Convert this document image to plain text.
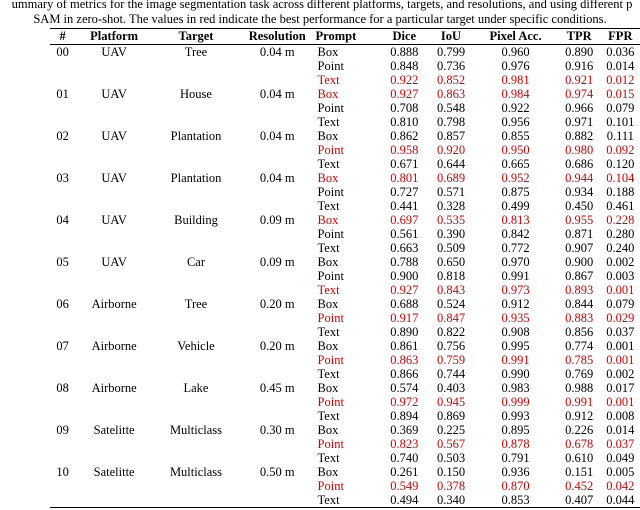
ummary of metrics for the image segmentation task across different platforms, targets, and resolutions, and using different p
SAM in zero-shot. The values in red indicate the best performance for a particular target under specific conditions.
#	Platform	Target	Resolution	Prompt	Dice	IoU	Pixel Acc.	TPR	FPR
00	UAV	Tree	0.04 m	Box	0.888	0.799	0.960	0.890	0.036
				Point	0.848	0.736	0.976	0.916	0.014
				Text	0.922	0.852	0.981	0.921	0.012
01	UAV	House	0.04 m	Box	0.927	0.863	0.984	0.974	0.015
				Point	0.708	0.548	0.922	0.966	0.079
				Text	0.810	0.798	0.956	0.971	0.101
02	UAV	Plantation	0.04 m	Box	0.862	0.857	0.855	0.882	0.111
				Point	0.958	0.920	0.950	0.980	0.092
				Text	0.671	0.644	0.665	0.686	0.120
03	UAV	Plantation	0.04 m	Box	0.801	0.689	0.952	0.944	0.104
				Point	0.727	0.571	0.875	0.934	0.188
				Text	0.441	0.328	0.499	0.450	0.461
04	UAV	Building	0.09 m	Box	0.697	0.535	0.813	0.955	0.228
				Point	0.561	0.390	0.842	0.871	0.280
				Text	0.663	0.509	0.772	0.907	0.240
05	UAV	Car	0.09 m	Box	0.788	0.650	0.970	0.900	0.002
				Point	0.900	0.818	0.991	0.867	0.003
				Text	0.927	0.843	0.973	0.893	0.001
06	Airborne	Tree	0.20 m	Box	0.688	0.524	0.912	0.844	0.079
				Point	0.917	0.847	0.935	0.883	0.029
				Text	0.890	0.822	0.908	0.856	0.037
07	Airborne	Vehicle	0.20 m	Box	0.861	0.756	0.995	0.774	0.001
				Point	0.863	0.759	0.991	0.785	0.001
				Text	0.866	0.744	0.990	0.769	0.002
08	Airborne	Lake	0.45 m	Box	0.574	0.403	0.983	0.988	0.017
				Point	0.972	0.945	0.999	0.991	0.001
				Text	0.894	0.869	0.993	0.912	0.008
09	Satelitte	Multiclass	0.30 m	Box	0.369	0.225	0.895	0.226	0.014
				Point	0.823	0.567	0.878	0.678	0.037
				Text	0.740	0.503	0.791	0.610	0.049
10	Satelitte	Multiclass	0.50 m	Box	0.261	0.150	0.936	0.151	0.005
				Point	0.549	0.378	0.870	0.452	0.042
				Text	0.494	0.340	0.853	0.407	0.044
